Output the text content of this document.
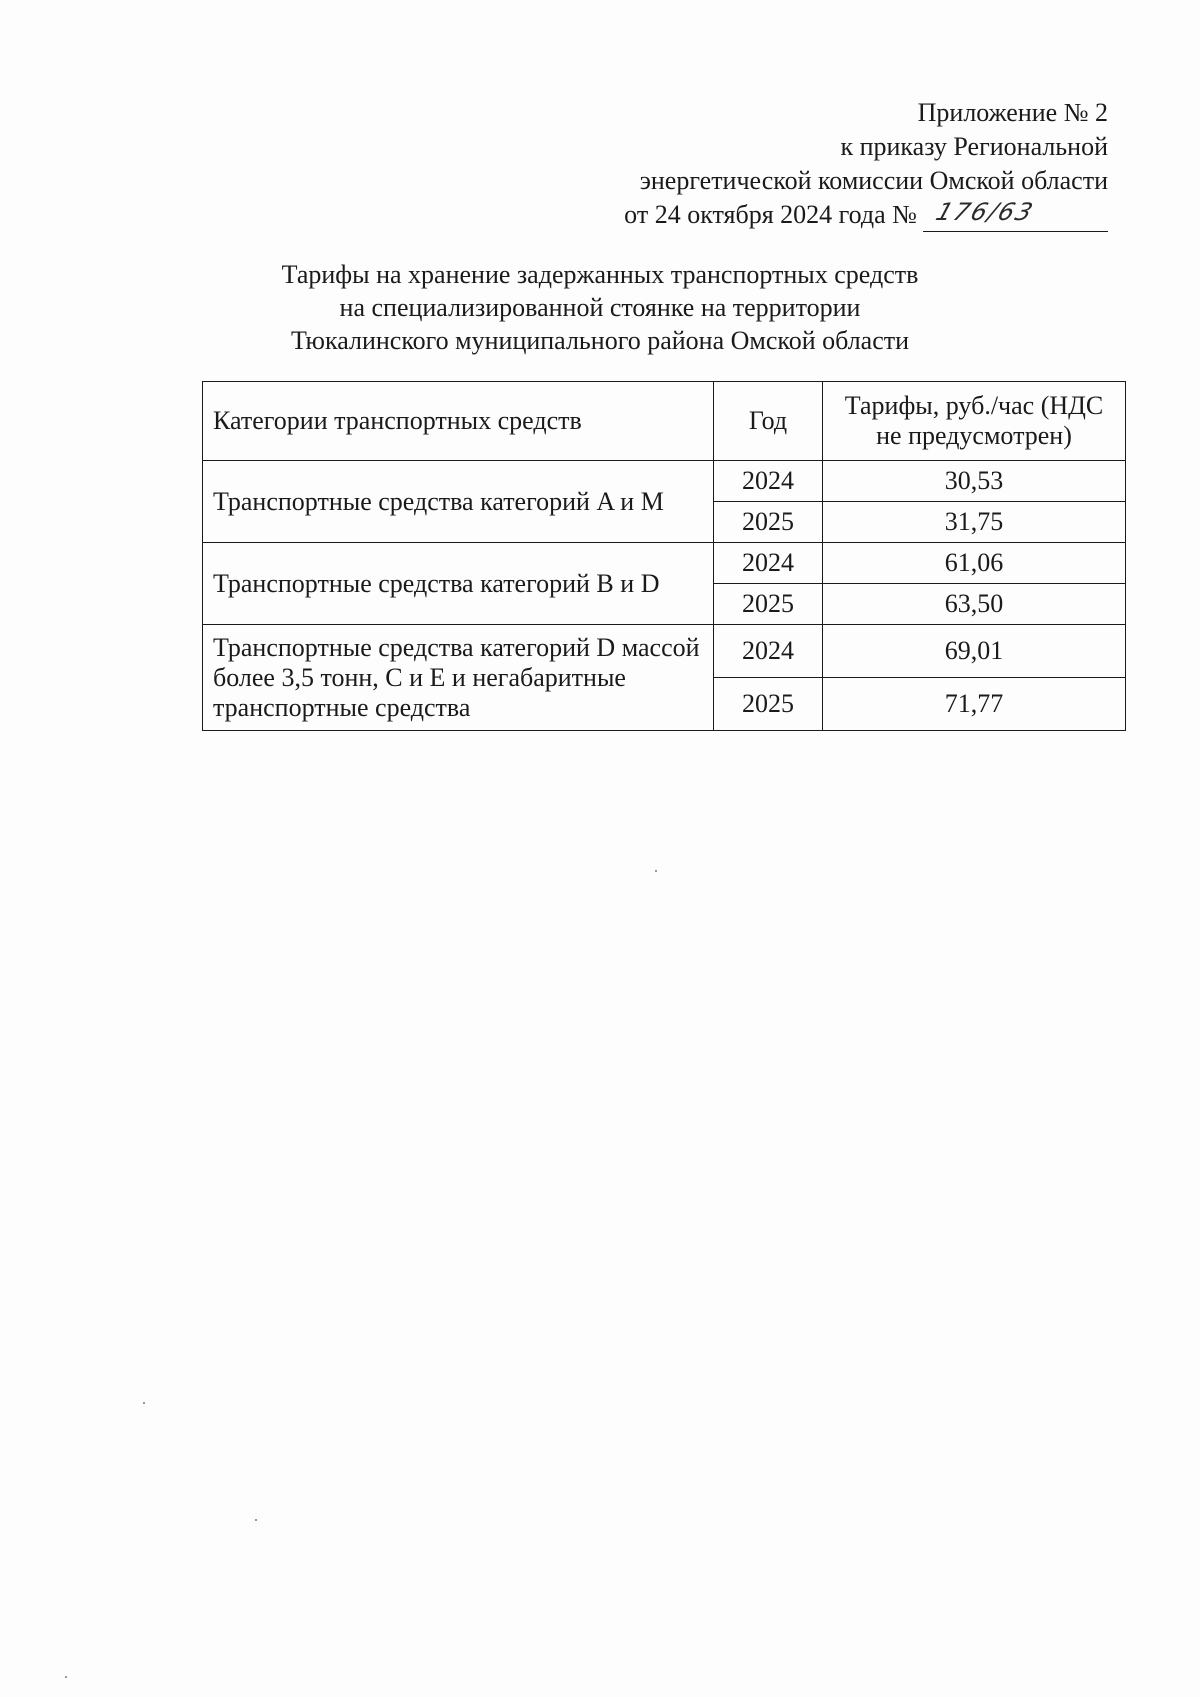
Приложение № 2
к приказу Региональной
энергетической комиссии Омской области
от 24 октября 2024 года № 176/63
Тарифы на хранение задержанных транспортных средств
на специализированной стоянке на территории
Тюкалинского муниципального района Омской области
Категории транспортных средств	Год	Тарифы, руб./час (НДС не предусмотрен)
Транспортные средства категорий A и M	2024	30,53
	2025	31,75
Транспортные средства категорий B и D	2024	61,06
	2025	63,50
Транспортные средства категорий D массой более 3,5 тонн, C и E и негабаритные транспортные средства	2024	69,01
	2025	71,77
